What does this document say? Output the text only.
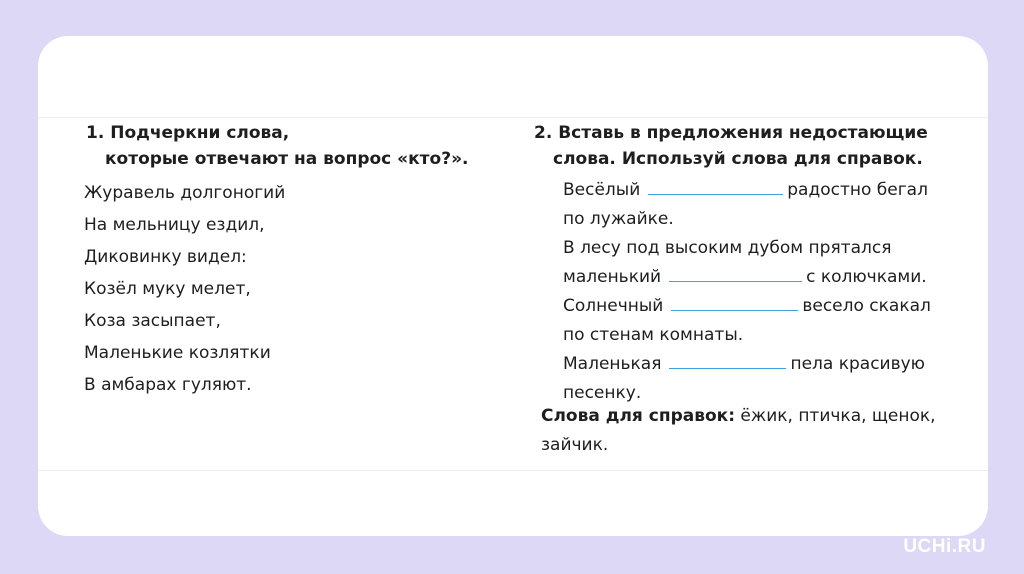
1. Подчеркни слова,
которые отвечают на вопрос «кто?».
Журавель долгоногий
На мельницу ездил,
Диковинку видел:
Козёл муку мелет,
Коза засыпает,
Маленькие козлятки
В амбарах гуляют.
2. Вставь в предложения недостающие
слова. Используй слова для справок.

Весёлый	радостно бегал
по лужайке.

В лесу под высоким дубом прятался
маленький	с колючками.

Солнечный	весело скакал
по стенам комнаты.

Маленькая	пела красивую
песенку.

Слова для справок: ёжик, птичка, щенок,
зайчик.
UCHi.RU
